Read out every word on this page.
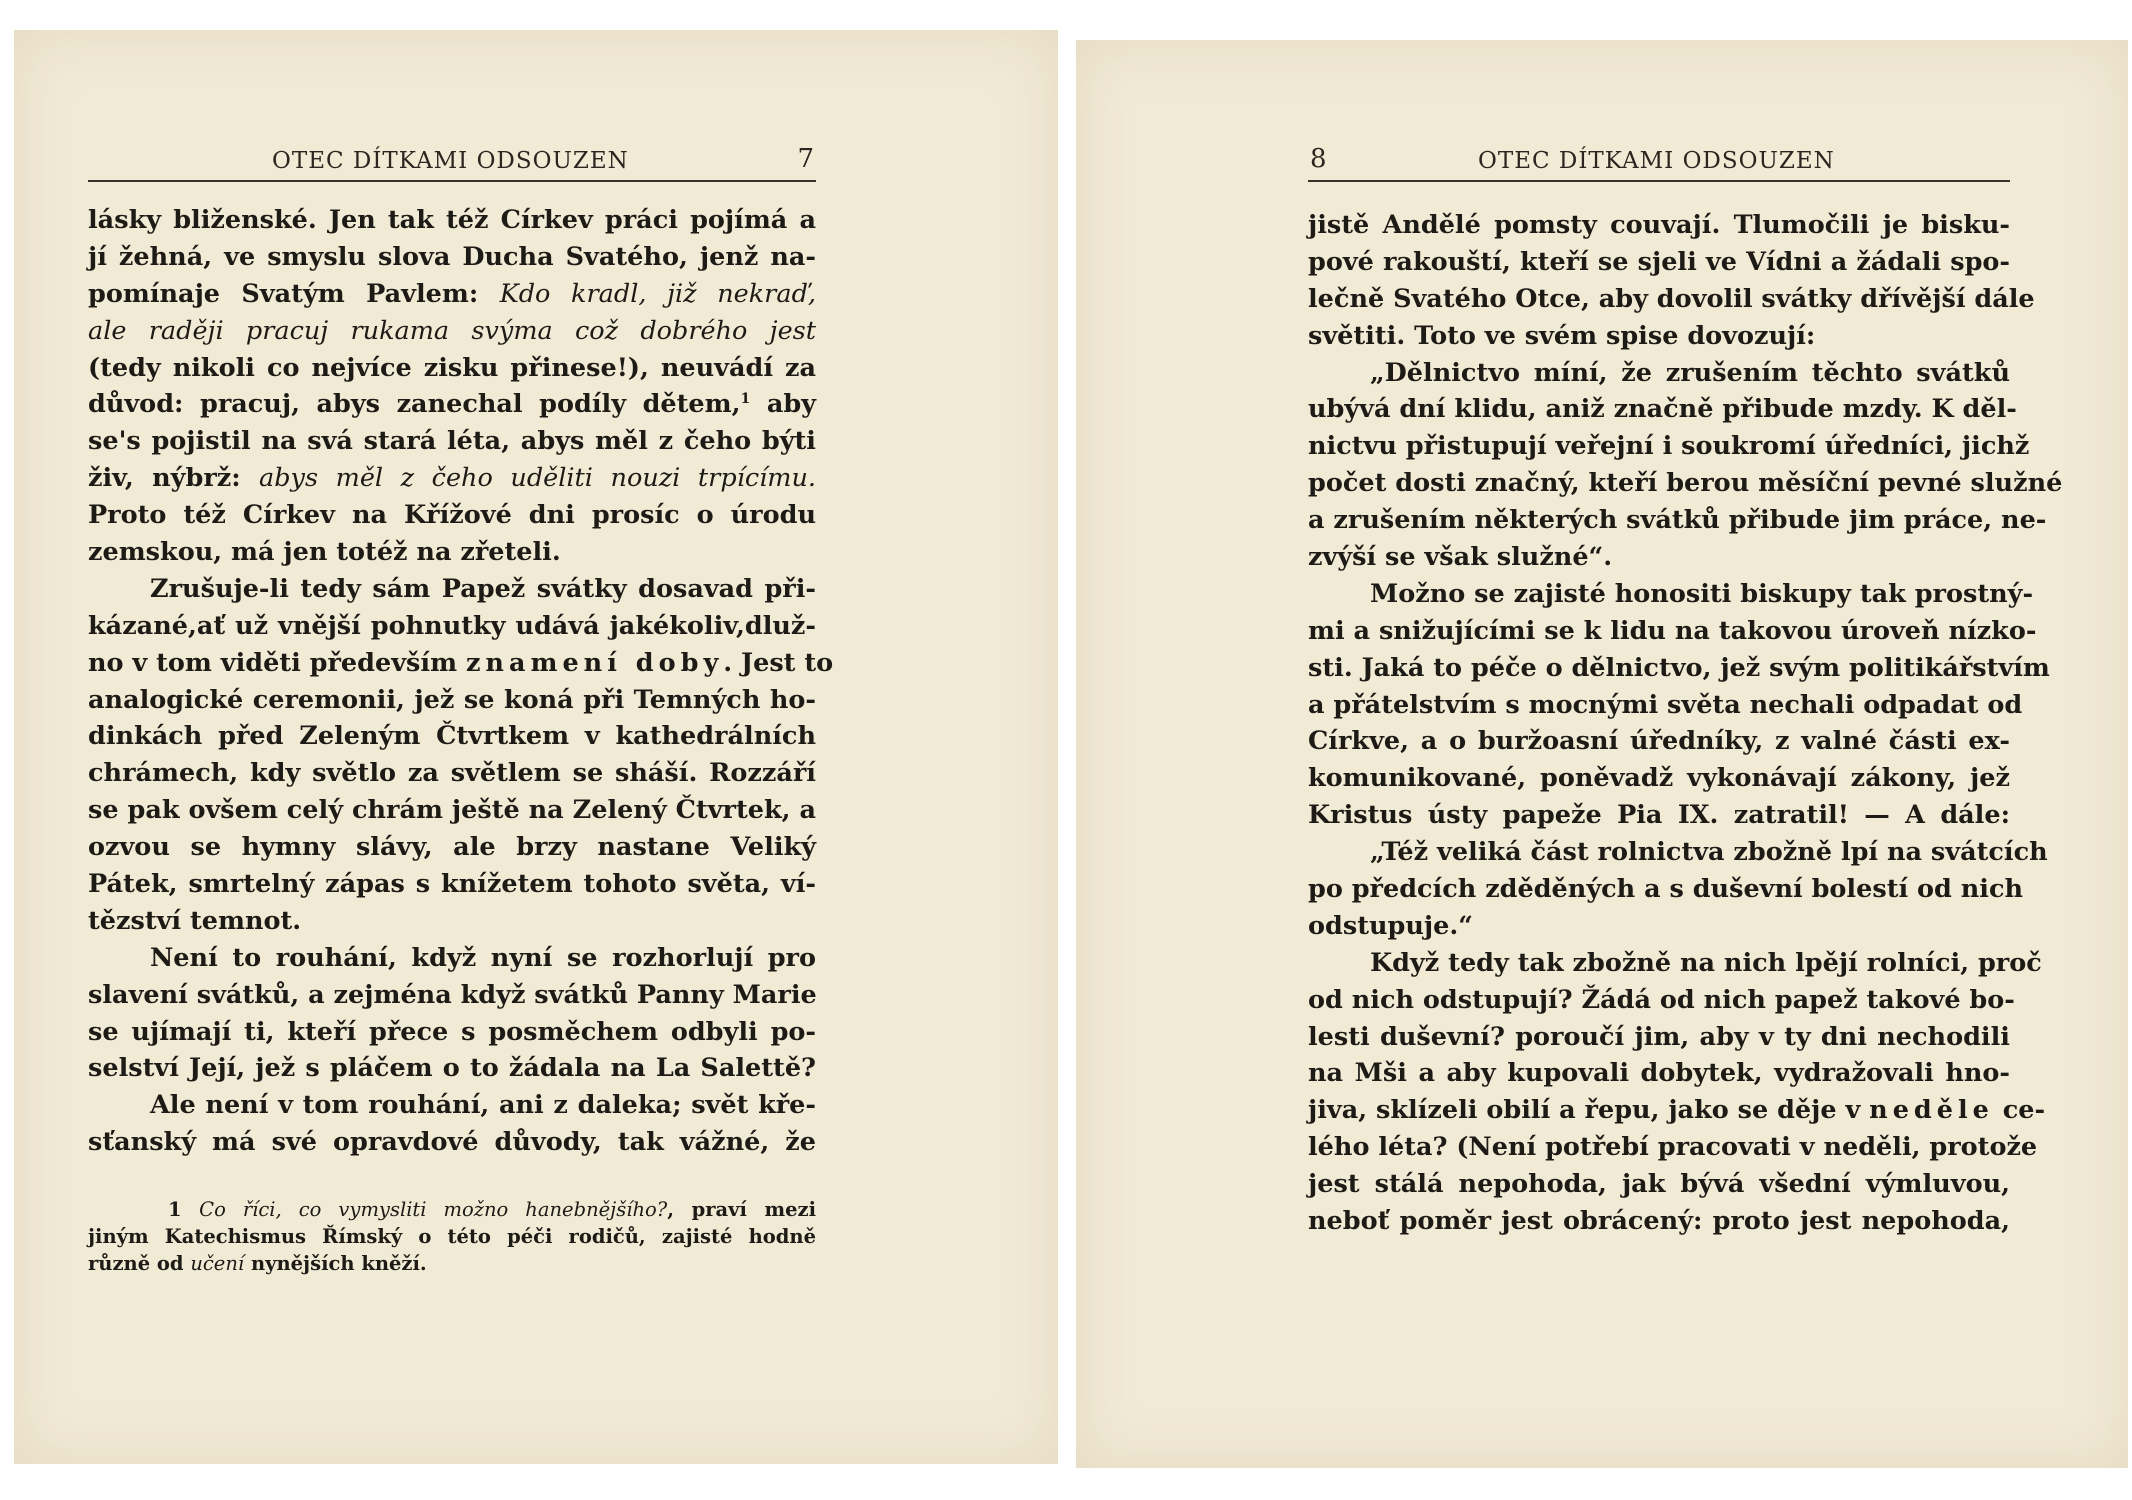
OTEC DÍTKAMI ODSOUZEN	7
lásky bliženské. Jen tak též Církev práci pojímá a
jí žehná, ve smyslu slova Ducha Svatého, jenž na-
pomínaje Svatým Pavlem: Kdo kradl, již nekraď,
ale raději pracuj rukama svýma což dobrého jest
(tedy nikoli co nejvíce zisku přinese!), neuvádí za
důvod: pracuj, abys zanechal podíly dětem,$^1$ aby
se's pojistil na svá stará léta, abys měl z čeho býti
živ, nýbrž: abys měl z čeho uděliti nouzi trpícímu.
Proto též Církev na Křížové dni prosíc o úrodu
zemskou, má jen totéž na zřeteli.
Zrušuje-li tedy sám Papež svátky dosavad při-
kázané,ať už vnější pohnutky udává jakékoliv,dluž-
no v tom viděti především znamení doby. Jest to
analogické ceremonii, jež se koná při Temných ho-
dinkách před Zeleným Čtvrtkem v kathedrálních
chrámech, kdy světlo za světlem se sháší. Rozzáří
se pak ovšem celý chrám ještě na Zelený Čtvrtek, a
ozvou se hymny slávy, ale brzy nastane Veliký
Pátek, smrtelný zápas s knížetem tohoto světa, ví-
tězství temnot.
Není to rouhání, když nyní se rozhorlují pro
slavení svátků, a zejména když svátků Panny Marie
se ujímají ti, kteří přece s posměchem odbyli po-
selství Její, jež s pláčem o to žádala na La Salettě?
Ale není v tom rouhání, ani z daleka; svět kře-
sťanský má své opravdové důvody, tak vážné, že
1 Co říci, co vymysliti možno hanebnějšího?, praví mezi
jiným Katechismus Římský o této péči rodičů, zajisté hodně
různě od učení nynějších kněží.
8	OTEC DÍTKAMI ODSOUZEN
jistě Andělé pomsty couvají. Tlumočili je bisku-
pové rakouští, kteří se sjeli ve Vídni a žádali spo-
lečně Svatého Otce, aby dovolil svátky dřívější dále
světiti. Toto ve svém spise dovozují:
„Dělnictvo míní, že zrušením těchto svátků
ubývá dní klidu, aniž značně přibude mzdy. K děl-
nictvu přistupují veřejní i soukromí úředníci, jichž
počet dosti značný, kteří berou měsíční pevné služné
a zrušením některých svátků přibude jim práce, ne-
zvýší se však služné“.
Možno se zajisté honositi biskupy tak prostný-
mi a snižujícími se k lidu na takovou úroveň nízko-
sti. Jaká to péče o dělnictvo, jež svým politikářstvím
a přátelstvím s mocnými světa nechali odpadat od
Církve, a o buržoasní úředníky, z valné části ex-
komunikované, poněvadž vykonávají zákony, jež
Kristus ústy papeže Pia IX. zatratil! — A dále:
„Též veliká část rolnictva zbožně lpí na svátcích
po předcích zděděných a s duševní bolestí od nich
odstupuje.“
Když tedy tak zbožně na nich lpějí rolníci, proč
od nich odstupují? Žádá od nich papež takové bo-
lesti duševní? poroučí jim, aby v ty dni nechodili
na Mši a aby kupovali dobytek, vydražovali hno-
jiva, sklízeli obilí a řepu, jako se děje v neděle ce-
lého léta? (Není potřebí pracovati v neděli, protože
jest stálá nepohoda, jak bývá všední výmluvou,
neboť poměr jest obrácený: proto jest nepohoda,
